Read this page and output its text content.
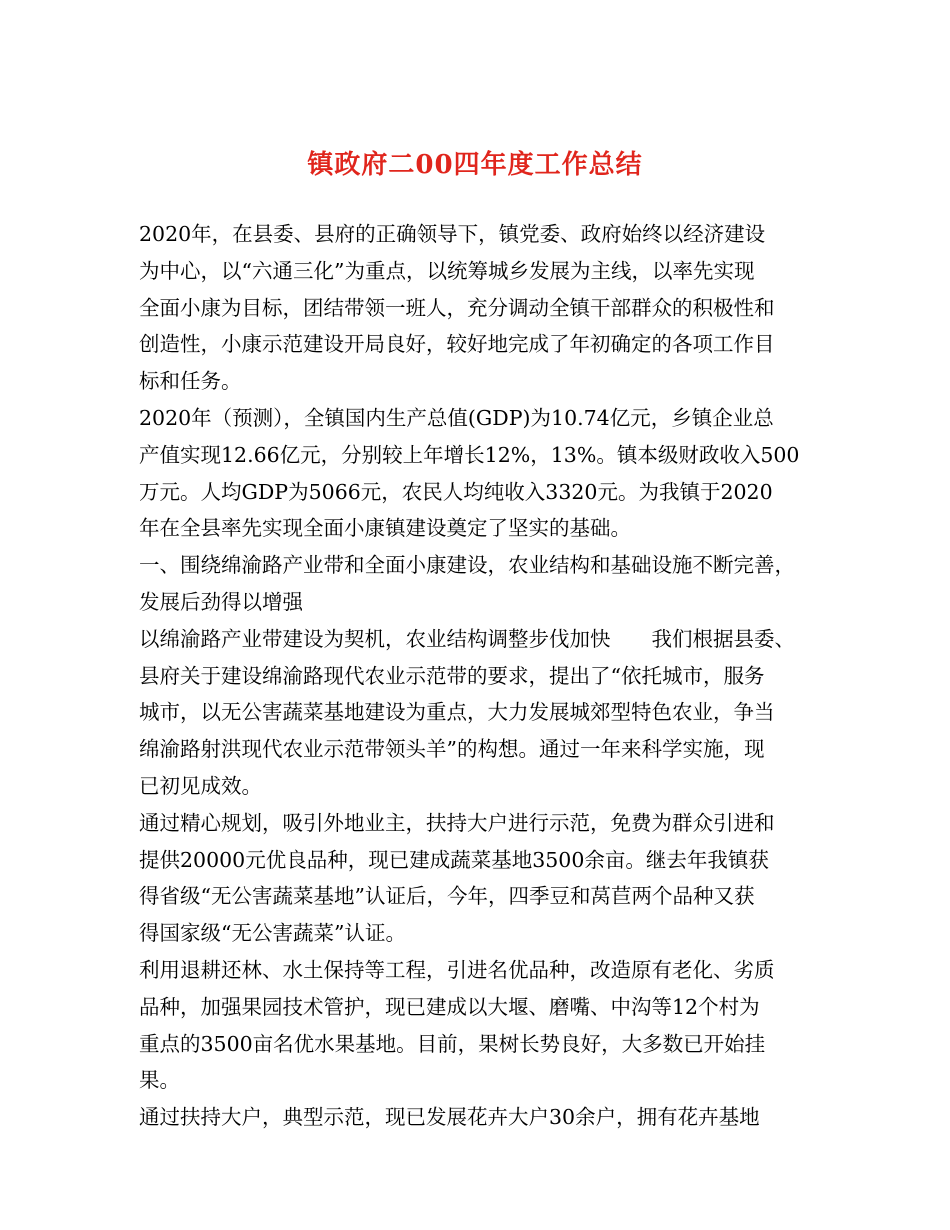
镇政府二00四年度工作总结
2020年，在县委、县府的正确领导下，镇党委、政府始终以经济建设
为中心，以“六通三化”为重点，以统筹城乡发展为主线，以率先实现
全面小康为目标，团结带领一班人，充分调动全镇干部群众的积极性和
创造性，小康示范建设开局良好，较好地完成了年初确定的各项工作目
标和任务。
2020年（预测），全镇国内生产总值(GDP)为10.74亿元，乡镇企业总
产值实现12.66亿元，分别较上年增长12%，13%。镇本级财政收入500
万元。人均GDP为5066元，农民人均纯收入3320元。为我镇于2020
年在全县率先实现全面小康镇建设奠定了坚实的基础。
一、围绕绵渝路产业带和全面小康建设，农业结构和基础设施不断完善，
发展后劲得以增强
以绵渝路产业带建设为契机，农业结构调整步伐加快　　我们根据县委、
县府关于建设绵渝路现代农业示范带的要求，提出了“依托城市，服务
城市，以无公害蔬菜基地建设为重点，大力发展城郊型特色农业，争当
绵渝路射洪现代农业示范带领头羊”的构想。通过一年来科学实施，现
已初见成效。
通过精心规划，吸引外地业主，扶持大户进行示范，免费为群众引进和
提供20000元优良品种，现已建成蔬菜基地3500余亩。继去年我镇获
得省级“无公害蔬菜基地”认证后，今年，四季豆和莴苣两个品种又获
得国家级“无公害蔬菜”认证。
利用退耕还林、水土保持等工程，引进名优品种，改造原有老化、劣质
品种，加强果园技术管护，现已建成以大堰、磨嘴、中沟等12个村为
重点的3500亩名优水果基地。目前，果树长势良好，大多数已开始挂
果。
通过扶持大户，典型示范，现已发展花卉大户30余户，拥有花卉基地
